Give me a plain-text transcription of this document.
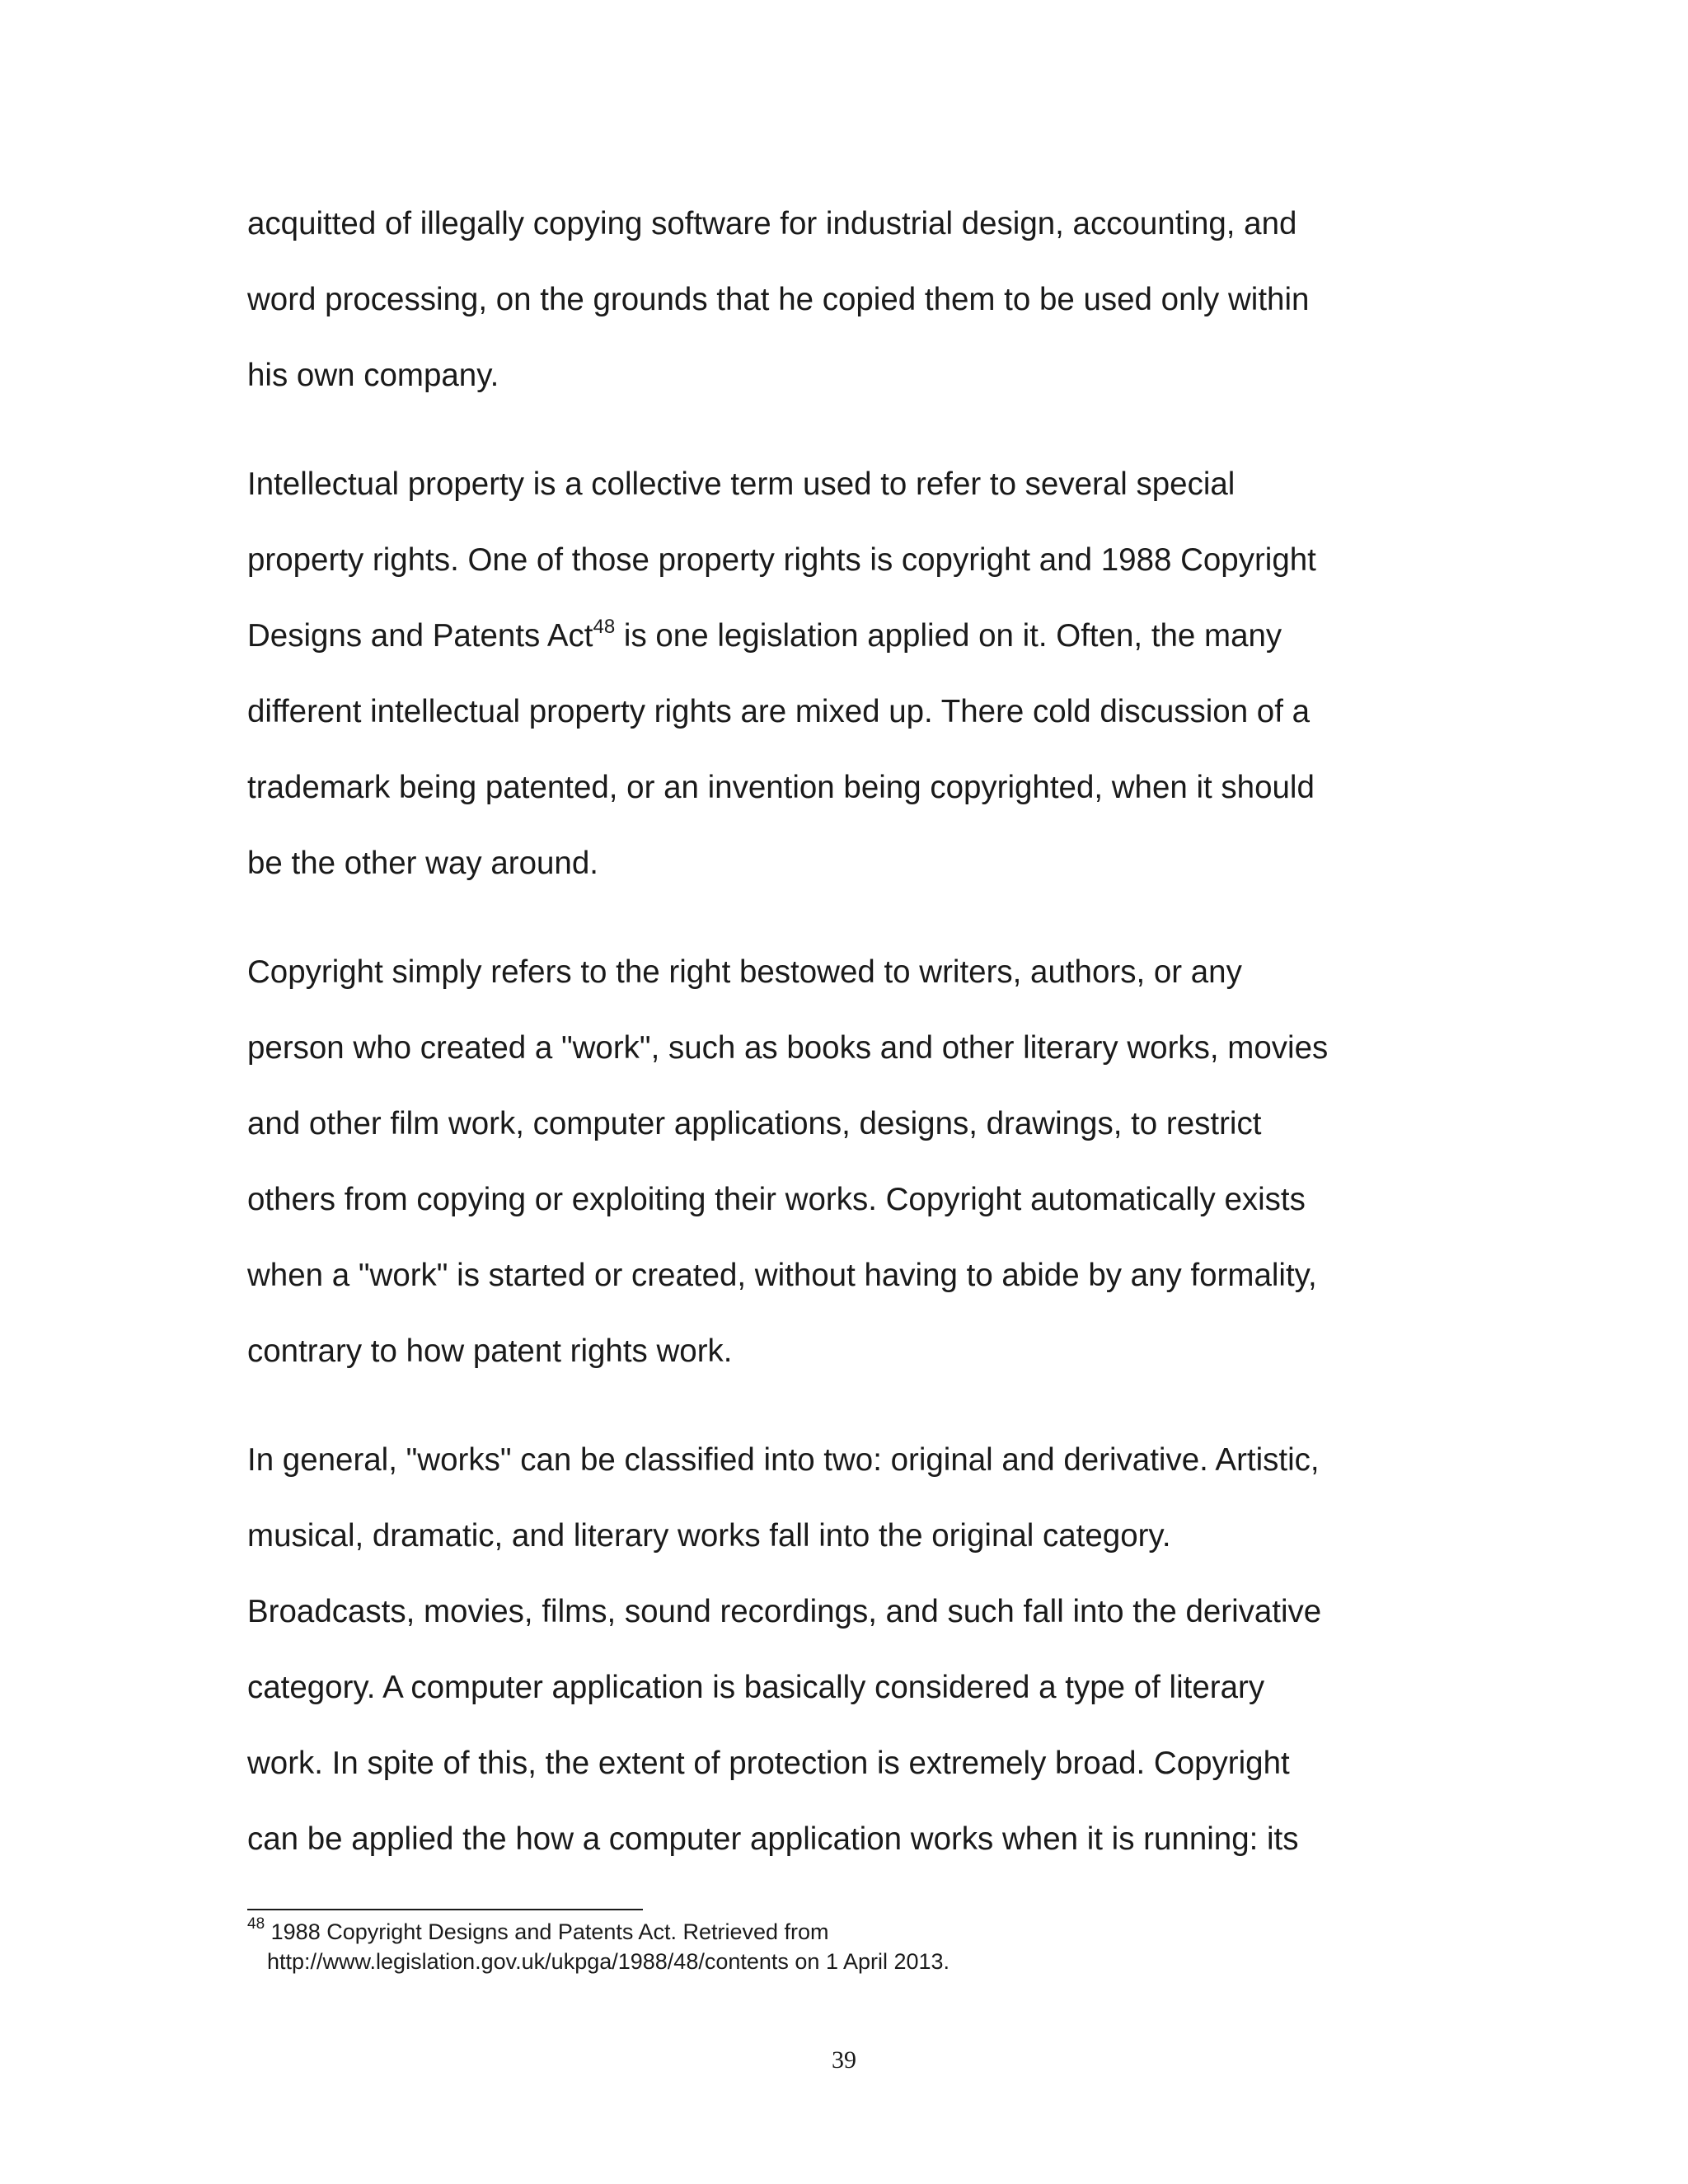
acquitted of illegally copying software for industrial design, accounting, and
word processing, on the grounds that he copied them to be used only within
his own company.

Intellectual property is a collective term used to refer to several special
property rights. One of those property rights is copyright and 1988 Copyright
Designs and Patents Act$^{48}$ is one legislation applied on it. Often, the many
different intellectual property rights are mixed up. There cold discussion of a
trademark being patented, or an invention being copyrighted, when it should
be the other way around.

Copyright simply refers to the right bestowed to writers, authors, or any
person who created a "work", such as books and other literary works, movies
and other film work, computer applications, designs, drawings, to restrict
others from copying or exploiting their works. Copyright automatically exists
when a "work" is started or created, without having to abide by any formality,
contrary to how patent rights work.

In general, "works" can be classified into two: original and derivative. Artistic,
musical, dramatic, and literary works fall into the original category.
Broadcasts, movies, films, sound recordings, and such fall into the derivative
category. A computer application is basically considered a type of literary
work. In spite of this, the extent of protection is extremely broad. Copyright
can be applied the how a computer application works when it is running: its

$^{48}$ 1988 Copyright Designs and Patents Act. Retrieved from
http://www.legislation.gov.uk/ukpga/1988/48/contents on 1 April 2013.
39
